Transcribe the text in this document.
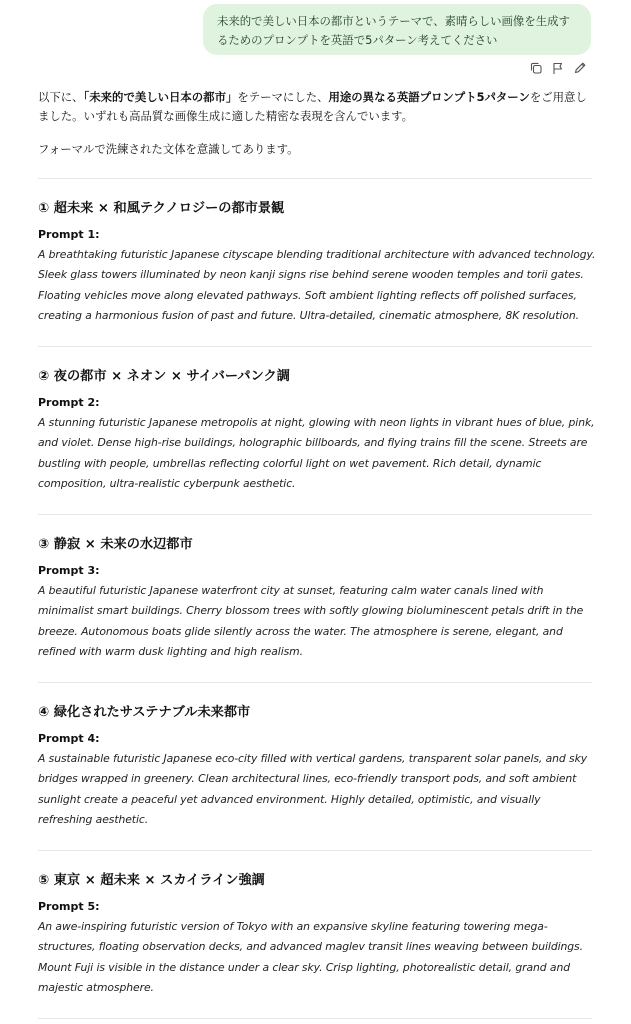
未来的で美しい日本の都市というテーマで、素晴らしい画像を生成するためのプロンプトを英語で5パターン考えてください
以下に、「未来的で美しい日本の都市」をテーマにした、用途の異なる英語プロンプト5パターンをご用意しました。いずれも高品質な画像生成に適した精密な表現を含んでいます。
フォーマルで洗練された文体を意識してあります。
① 超未来 × 和風テクノロジーの都市景観
Prompt 1:
A breathtaking futuristic Japanese cityscape blending traditional architecture with advanced technology. Sleek glass towers illuminated by neon kanji signs rise behind serene wooden temples and torii gates. Floating vehicles move along elevated pathways. Soft ambient lighting reflects off polished surfaces, creating a harmonious fusion of past and future. Ultra-detailed, cinematic atmosphere, 8K resolution.
② 夜の都市 × ネオン × サイバーパンク調
Prompt 2:
A stunning futuristic Japanese metropolis at night, glowing with neon lights in vibrant hues of blue, pink, and violet. Dense high-rise buildings, holographic billboards, and flying trains fill the scene. Streets are bustling with people, umbrellas reflecting colorful light on wet pavement. Rich detail, dynamic composition, ultra-realistic cyberpunk aesthetic.
③ 静寂 × 未来の水辺都市
Prompt 3:
A beautiful futuristic Japanese waterfront city at sunset, featuring calm water canals lined with minimalist smart buildings. Cherry blossom trees with softly glowing bioluminescent petals drift in the breeze. Autonomous boats glide silently across the water. The atmosphere is serene, elegant, and refined with warm dusk lighting and high realism.
④ 緑化されたサステナブル未来都市
Prompt 4:
A sustainable futuristic Japanese eco-city filled with vertical gardens, transparent solar panels, and sky bridges wrapped in greenery. Clean architectural lines, eco-friendly transport pods, and soft ambient sunlight create a peaceful yet advanced environment. Highly detailed, optimistic, and visually refreshing aesthetic.
⑤ 東京 × 超未来 × スカイライン強調
Prompt 5:
An awe-inspiring futuristic version of Tokyo with an expansive skyline featuring towering mega-structures, floating observation decks, and advanced maglev transit lines weaving between buildings. Mount Fuji is visible in the distance under a clear sky. Crisp lighting, photorealistic detail, grand and majestic atmosphere.
